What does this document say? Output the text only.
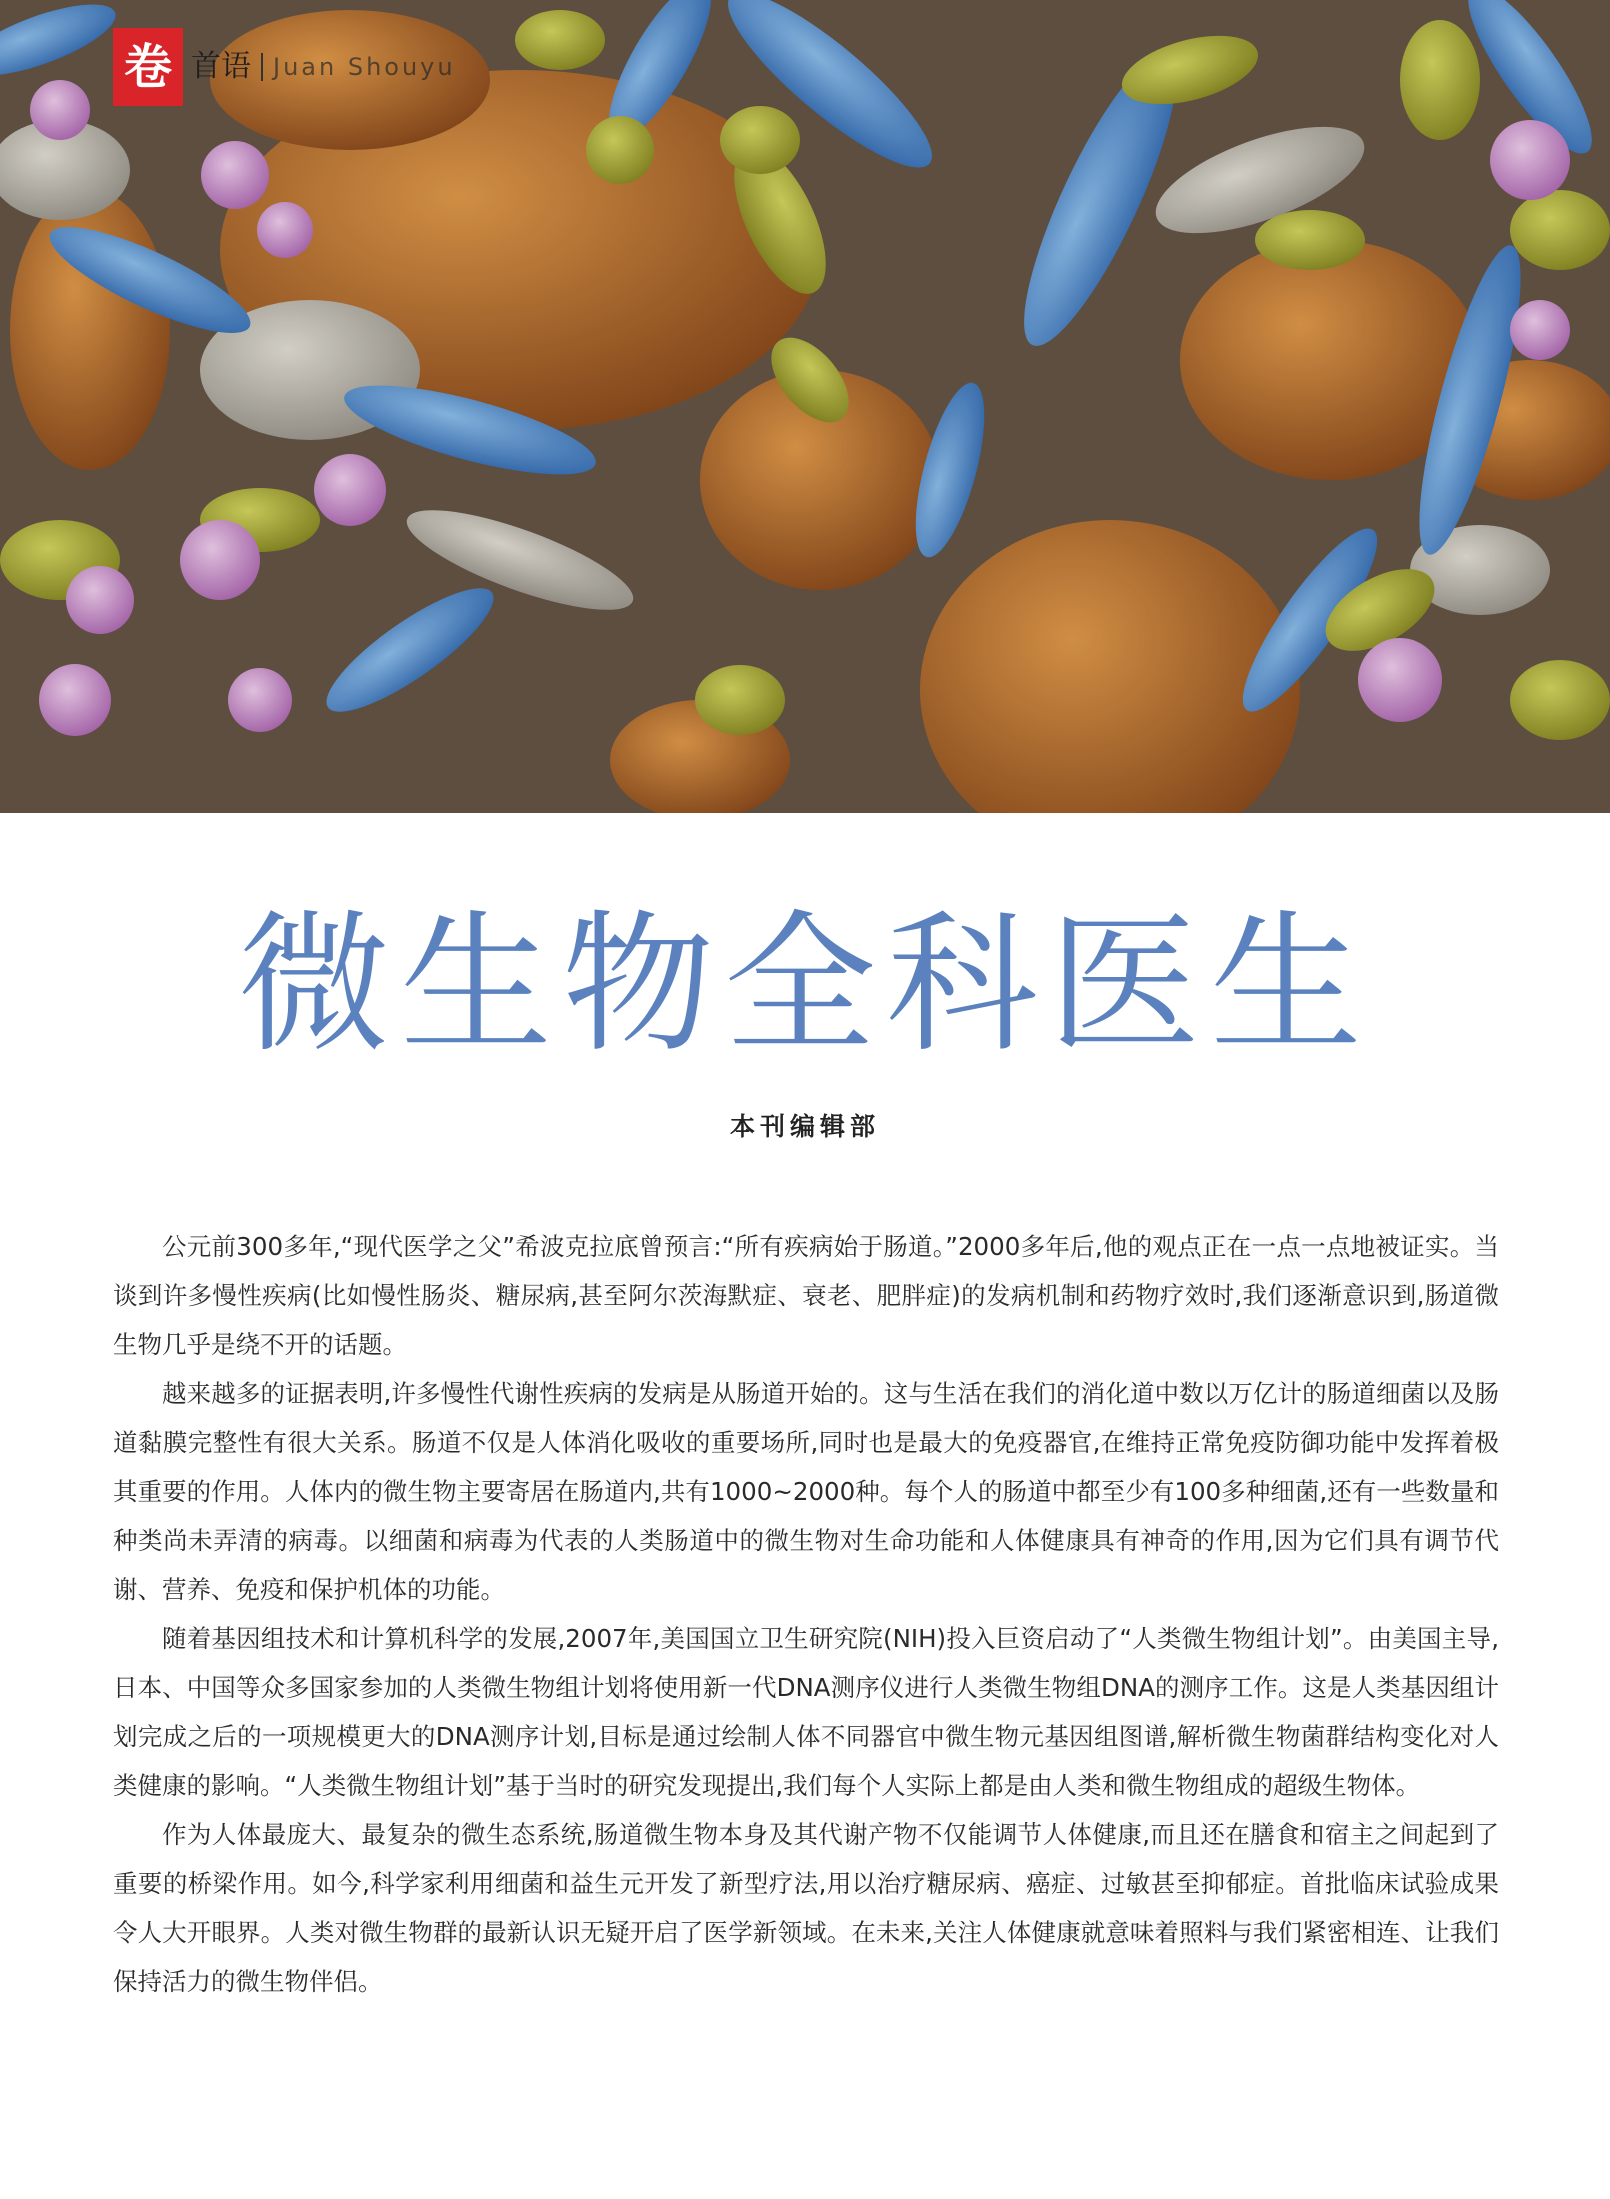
卷 首语 Juan Shouyu
微生物全科医生
本刊编辑部

公元前300多年,“现代医学之父”希波克拉底曾预言:“所有疾病始于肠道。”2000多年后,他的观点正在一点一点地被证实。当谈到许多慢性疾病(比如慢性肠炎、糖尿病,甚至阿尔茨海默症、衰老、肥胖症)的发病机制和药物疗效时,我们逐渐意识到,肠道微生物几乎是绕不开的话题。

越来越多的证据表明,许多慢性代谢性疾病的发病是从肠道开始的。这与生活在我们的消化道中数以万亿计的肠道细菌以及肠道黏膜完整性有很大关系。肠道不仅是人体消化吸收的重要场所,同时也是最大的免疫器官,在维持正常免疫防御功能中发挥着极其重要的作用。人体内的微生物主要寄居在肠道内,共有1000~2000种。每个人的肠道中都至少有100多种细菌,还有一些数量和种类尚未弄清的病毒。以细菌和病毒为代表的人类肠道中的微生物对生命功能和人体健康具有神奇的作用,因为它们具有调节代谢、营养、免疫和保护机体的功能。

随着基因组技术和计算机科学的发展,2007年,美国国立卫生研究院(NIH)投入巨资启动了“人类微生物组计划”。由美国主导,日本、中国等众多国家参加的人类微生物组计划将使用新一代DNA测序仪进行人类微生物组DNA的测序工作。这是人类基因组计划完成之后的一项规模更大的DNA测序计划,目标是通过绘制人体不同器官中微生物元基因组图谱,解析微生物菌群结构变化对人类健康的影响。“人类微生物组计划”基于当时的研究发现提出,我们每个人实际上都是由人类和微生物组成的超级生物体。

作为人体最庞大、最复杂的微生态系统,肠道微生物本身及其代谢产物不仅能调节人体健康,而且还在膳食和宿主之间起到了重要的桥梁作用。如今,科学家利用细菌和益生元开发了新型疗法,用以治疗糖尿病、癌症、过敏甚至抑郁症。首批临床试验成果令人大开眼界。人类对微生物群的最新认识无疑开启了医学新领域。在未来,关注人体健康就意味着照料与我们紧密相连、让我们保持活力的微生物伴侣。
